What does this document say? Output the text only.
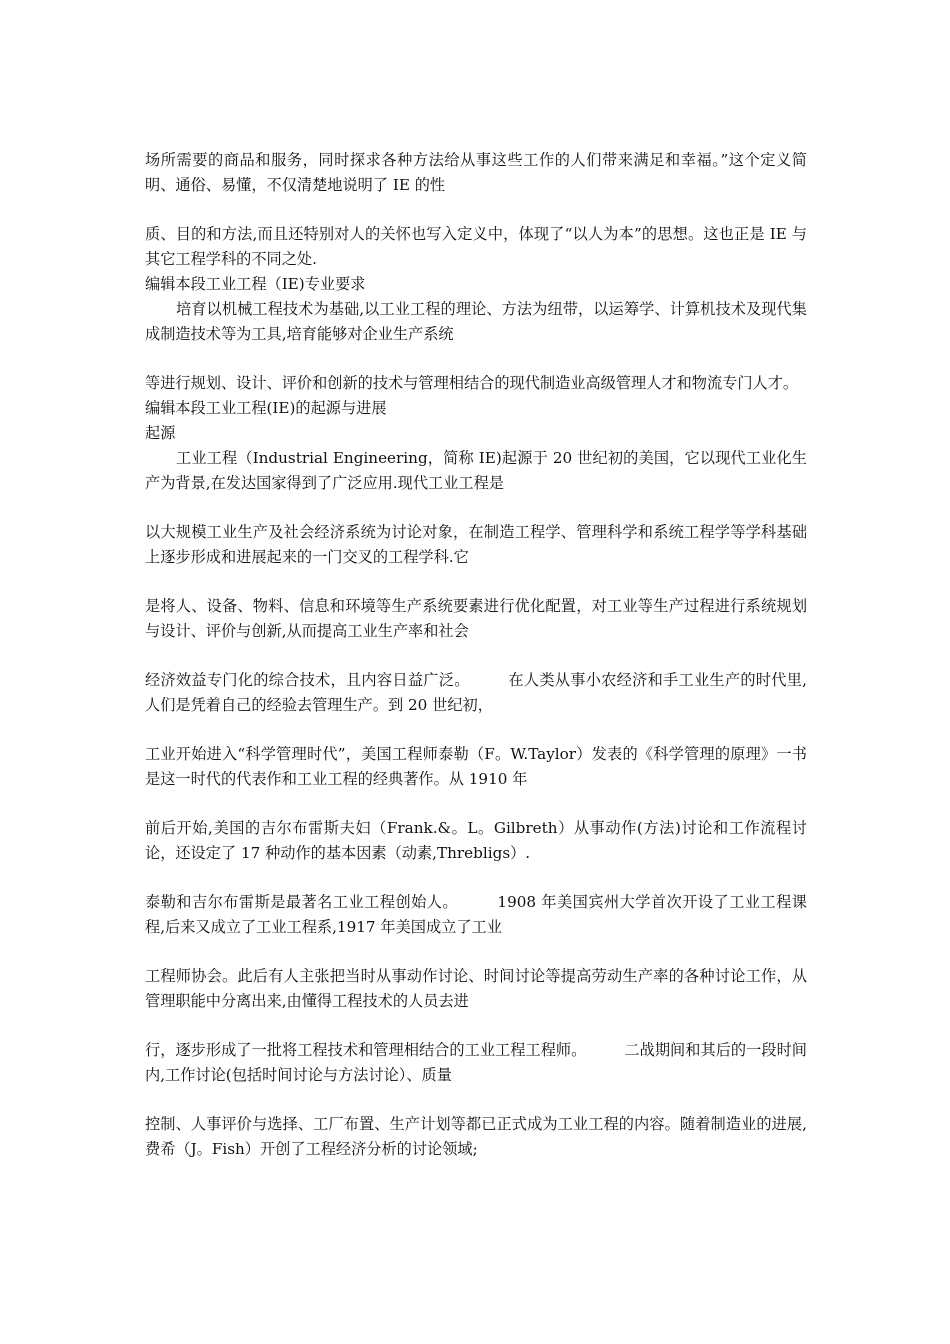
场所需要的商品和服务，同时探求各种方法给从事这些工作的人们带来满足和幸福。”这个定义简明、通俗、易懂，不仅清楚地说明了 IE 的性

质、目的和方法,而且还特别对人的关怀也写入定义中，体现了“以人为本”的思想。这也正是 IE 与其它工程学科的不同之处.

编辑本段工业工程（IE)专业要求

培育以机械工程技术为基础,以工业工程的理论、方法为纽带，以运筹学、计算机技术及现代集成制造技术等为工具,培育能够对企业生产系统

等进行规划、设计、评价和创新的技术与管理相结合的现代制造业高级管理人才和物流专门人才。

编辑本段工业工程(IE)的起源与进展

起源

工业工程（Industrial Engineering，简称 IE)起源于 20 世纪初的美国，它以现代工业化生产为背景,在发达国家得到了广泛应用.现代工业工程是

以大规模工业生产及社会经济系统为讨论对象，在制造工程学、管理科学和系统工程学等学科基础上逐步形成和进展起来的一门交叉的工程学科.它

是将人、设备、物料、信息和环境等生产系统要素进行优化配置，对工业等生产过程进行系统规划与设计、评价与创新,从而提高工业生产率和社会

经济效益专门化的综合技术，且内容日益广泛。　　　在人类从事小农经济和手工业生产的时代里,人们是凭着自己的经验去管理生产。到 20 世纪初，

工业开始进入“科学管理时代”，美国工程师泰勒（F。W.Taylor）发表的《科学管理的原理》一书是这一时代的代表作和工业工程的经典著作。从 1910 年

前后开始,美国的吉尔布雷斯夫妇（Frank.&。L。Gilbreth）从事动作(方法)讨论和工作流程讨论，还设定了 17 种动作的基本因素（动素,Threbligs）.

泰勒和吉尔布雷斯是最著名工业工程创始人。　　　1908 年美国宾州大学首次开设了工业工程课程,后来又成立了工业工程系,1917 年美国成立了工业

工程师协会。此后有人主张把当时从事动作讨论、时间讨论等提高劳动生产率的各种讨论工作，从管理职能中分离出来,由懂得工程技术的人员去进

行，逐步形成了一批将工程技术和管理相结合的工业工程工程师。　　　二战期间和其后的一段时间内,工作讨论(包括时间讨论与方法讨论）、质量

控制、人事评价与选择、工厂布置、生产计划等都已正式成为工业工程的内容。随着制造业的进展,费希（J。Fish）开创了工程经济分析的讨论领域;
